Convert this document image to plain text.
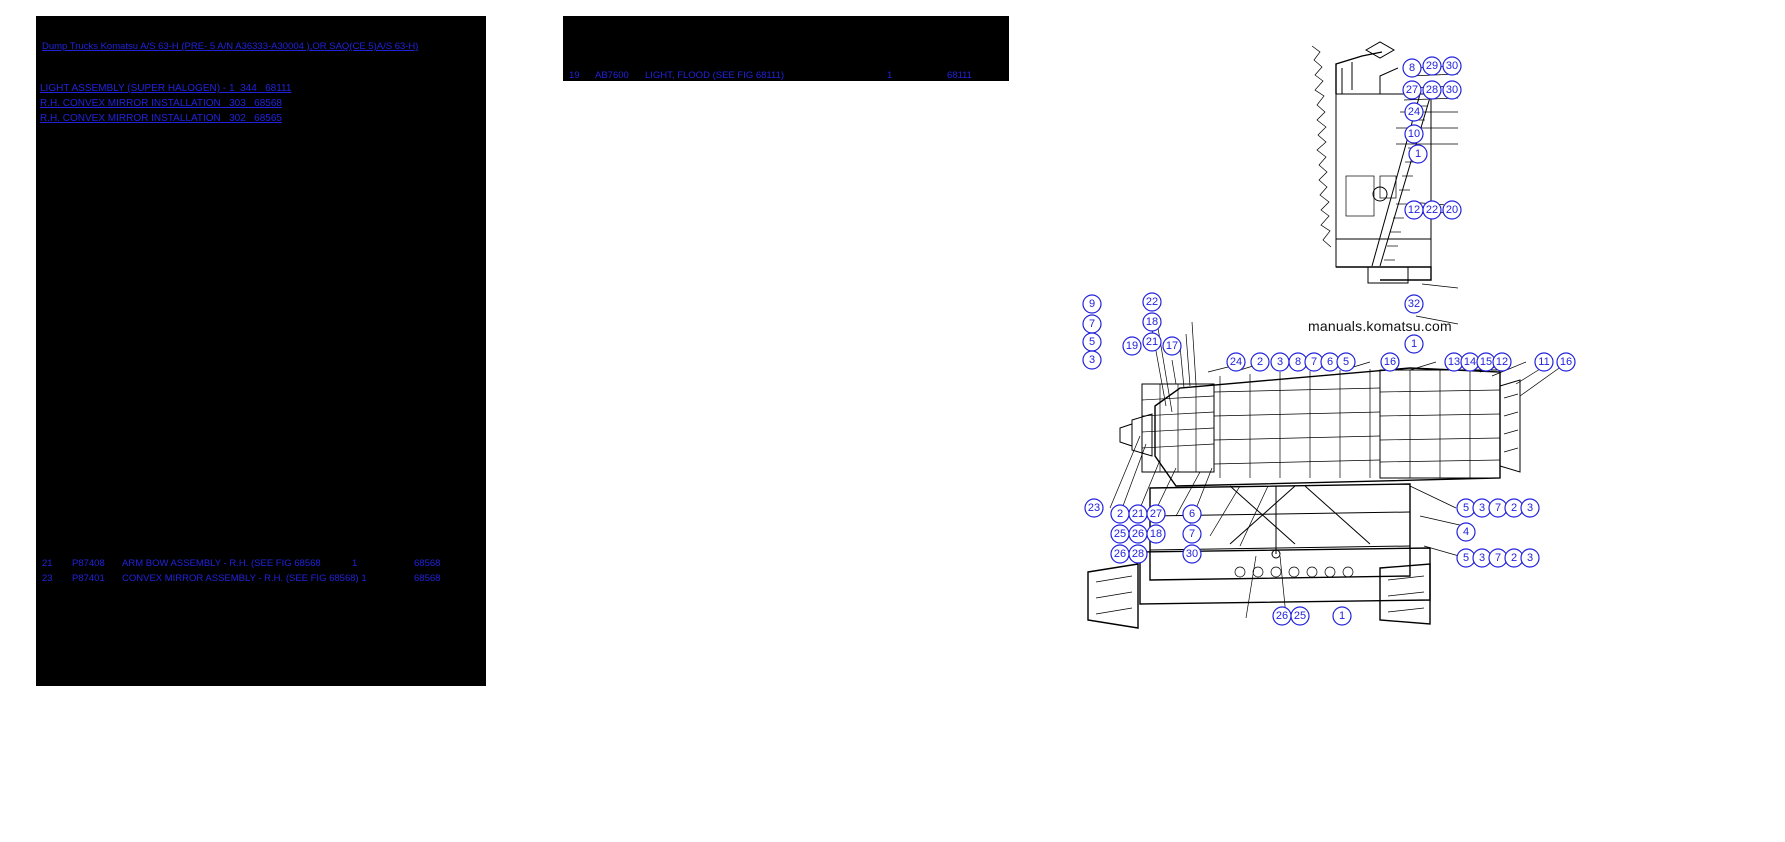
Dump Trucks Komatsu A/S 63-H (PRE- 5 A/N A36333-A30004 ),OR SAQ(CE 5)A/S 63-H)
LIGHT ASSEMBLY (SUPER HALOGEN) - 1 344 68111
R.H. CONVEX MIRROR INSTALLATION 303 68568
R.H. CONVEX MIRROR INSTALLATION 302 68565
21 P87408 ARM BOW ASSEMBLY - R.H. (SEE FIG 68568	1	68568
23 P87401 CONVEX MIRROR ASSEMBLY - R.H. (SEE FIG 68568) 1	68568
19 AB7600 LIGHT, FLOOD (SEE FIG 68111)	1	68111
8 29 30
27 28 30
24
10
1
12 22 20
32
1
9
7
5
3
22
18
21
19	17
24 2 3 8 7 6 5	16	13 14 15 12	11 16
23 2 21 27 6
25 26 18 7
26 28	30
5 3 7 2 3
4
5 3 7 2 3
26 25	1
manuals.komatsu.com
